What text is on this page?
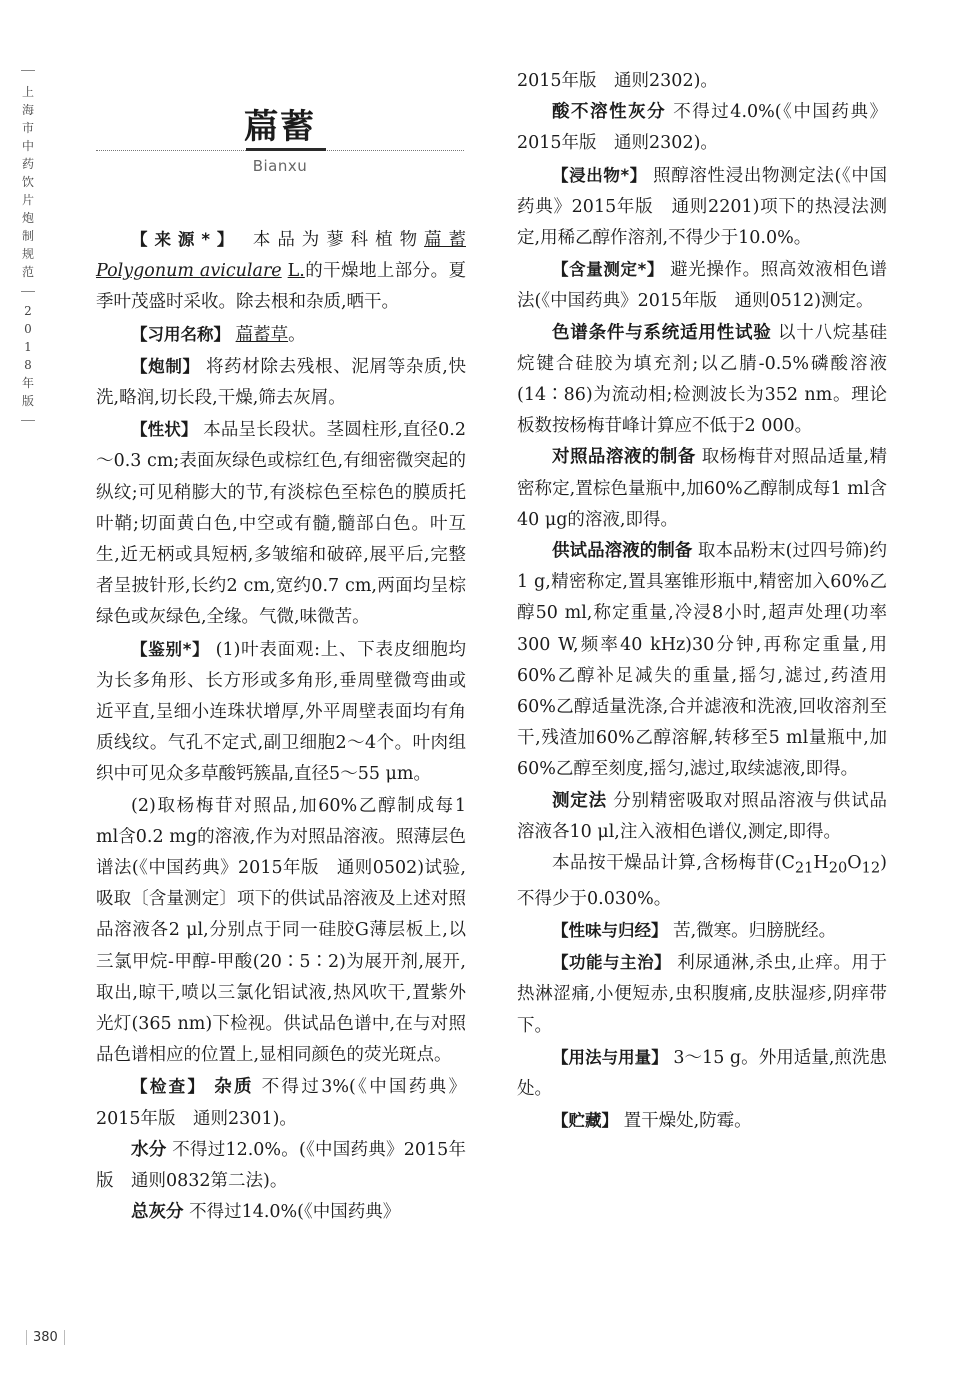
上
海
市
中
药
饮
片
炮
制
规
范
2
0
1
8
年
版
萹蓄
Bianxu

【来源*】 本品为蓼科植物萹蓄 Polygonum aviculare L.的干燥地上部分。夏季叶茂盛时采收。除去根和杂质,晒干。

【习用名称】 萹蓄草。

【炮制】 将药材除去残根、泥屑等杂质,快洗,略润,切长段,干燥,筛去灰屑。

【性状】 本品呈长段状。茎圆柱形,直径0.2～0.3 cm;表面灰绿色或棕红色,有细密微突起的纵纹;可见稍膨大的节,有淡棕色至棕色的膜质托叶鞘;切面黄白色,中空或有髓,髓部白色。叶互生,近无柄或具短柄,多皱缩和破碎,展平后,完整者呈披针形,长约2 cm,宽约0.7 cm,两面均呈棕绿色或灰绿色,全缘。气微,味微苦。

【鉴别*】 (1)叶表面观:上、下表皮细胞均为长多角形、长方形或多角形,垂周壁微弯曲或近平直,呈细小连珠状增厚,外平周壁表面均有角质线纹。气孔不定式,副卫细胞2～4个。叶肉组织中可见众多草酸钙簇晶,直径5～55 μm。

(2)取杨梅苷对照品,加60%乙醇制成每1 ml含0.2 mg的溶液,作为对照品溶液。照薄层色谱法(《中国药典》2015年版　通则0502)试验,吸取〔含量测定〕项下的供试品溶液及上述对照品溶液各2 μl,分别点于同一硅胶G薄层板上,以三氯甲烷-甲醇-甲酸(20∶5∶2)为展开剂,展开,取出,晾干,喷以三氯化铝试液,热风吹干,置紫外光灯(365 nm)下检视。供试品色谱中,在与对照品色谱相应的位置上,显相同颜色的荧光斑点。

【检查】 杂质 不得过3%(《中国药典》2015年版　通则2301)。

水分 不得过12.0%。(《中国药典》2015年版　通则0832第二法)。

总灰分 不得过14.0%(《中国药典》

2015年版　通则2302)。

酸不溶性灰分 不得过4.0%(《中国药典》2015年版　通则2302)。

【浸出物*】 照醇溶性浸出物测定法(《中国药典》2015年版　通则2201)项下的热浸法测定,用稀乙醇作溶剂,不得少于10.0%。

【含量测定*】 避光操作。照高效液相色谱法(《中国药典》2015年版　通则0512)测定。

色谱条件与系统适用性试验 以十八烷基硅烷键合硅胶为填充剂;以乙腈-0.5%磷酸溶液(14∶86)为流动相;检测波长为352 nm。理论板数按杨梅苷峰计算应不低于2 000。

对照品溶液的制备 取杨梅苷对照品适量,精密称定,置棕色量瓶中,加60%乙醇制成每1 ml含40 μg的溶液,即得。

供试品溶液的制备 取本品粉末(过四号筛)约1 g,精密称定,置具塞锥形瓶中,精密加入60%乙醇50 ml,称定重量,冷浸8小时,超声处理(功率300 W,频率40 kHz)30分钟,再称定重量,用60%乙醇补足减失的重量,摇匀,滤过,药渣用60%乙醇适量洗涤,合并滤液和洗液,回收溶剂至干,残渣加60%乙醇溶解,转移至5 ml量瓶中,加60%乙醇至刻度,摇匀,滤过,取续滤液,即得。

测定法 分别精密吸取对照品溶液与供试品溶液各10 μl,注入液相色谱仪,测定,即得。

本品按干燥品计算,含杨梅苷$(C_{21}H_{20}O_{12})$不得少于0.030%。

【性味与归经】 苦,微寒。归膀胱经。

【功能与主治】 利尿通淋,杀虫,止痒。用于热淋涩痛,小便短赤,虫积腹痛,皮肤湿疹,阴痒带下。

【用法与用量】 3～15 g。外用适量,煎洗患处。

【贮藏】 置干燥处,防霉。

380
